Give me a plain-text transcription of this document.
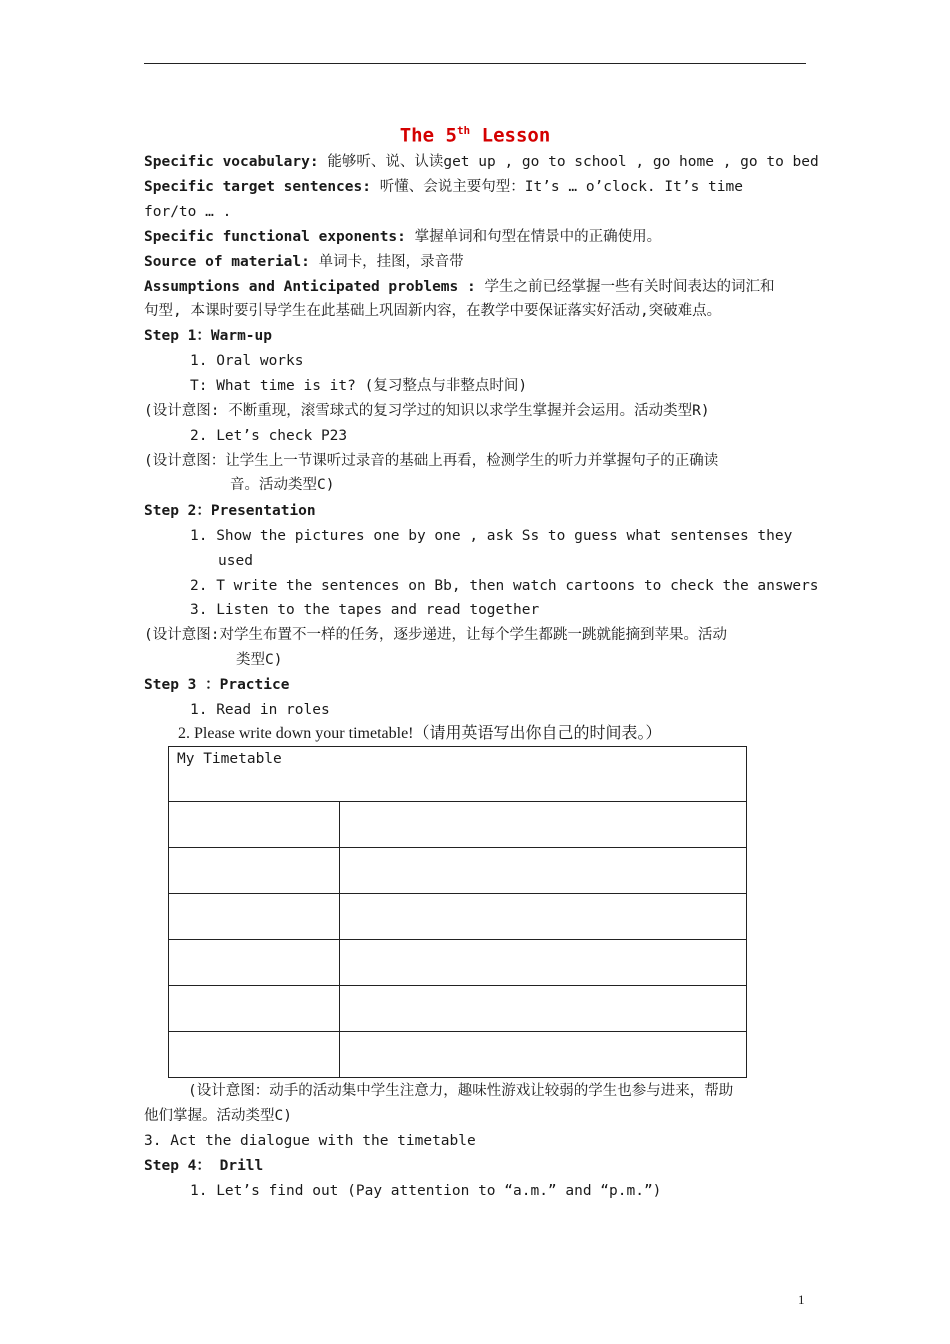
The 5th Lesson
Specific vocabulary: 能够听、说、认读get up , go to school , go home , go to bed
Specific target sentences: 听懂、会说主要句型：It’s … o’clock. It’s time
for/to … .
Specific functional exponents: 掌握单词和句型在情景中的正确使用。
Source of material: 单词卡，挂图，录音带
Assumptions and Anticipated problems : 学生之前已经掌握一些有关时间表达的词汇和
句型, 本课时要引导学生在此基础上巩固新内容，在教学中要保证落实好活动,突破难点。
Step 1：Warm-up
1. Oral works
T: What time is it? (复习整点与非整点时间)
(设计意图: 不断重现，滚雪球式的复习学过的知识以求学生掌握并会运用。活动类型R)
2. Let’s check P23
(设计意图：让学生上一节课听过录音的基础上再看，检测学生的听力并掌握句子的正确读
音。活动类型C)
Step 2：Presentation
1. Show the pictures one by one , ask Ss to guess what sentenses they
used
2. T write the sentences on Bb, then watch cartoons to check the answers
3. Listen to the tapes and read together
(设计意图:对学生布置不一样的任务，逐步递进，让每个学生都跳一跳就能摘到苹果。活动
类型C)
Step 3 ：Practice
1. Read in roles
2. Please write down your timetable!（请用英语写出你自己的时间表。）
My Timetable	

(设计意图：动手的活动集中学生注意力，趣味性游戏让较弱的学生也参与进来，帮助
他们掌握。活动类型C)
3. Act the dialogue with the timetable
Step 4： Drill
1. Let’s find out (Pay attention to “a.m.” and “p.m.”)
1
